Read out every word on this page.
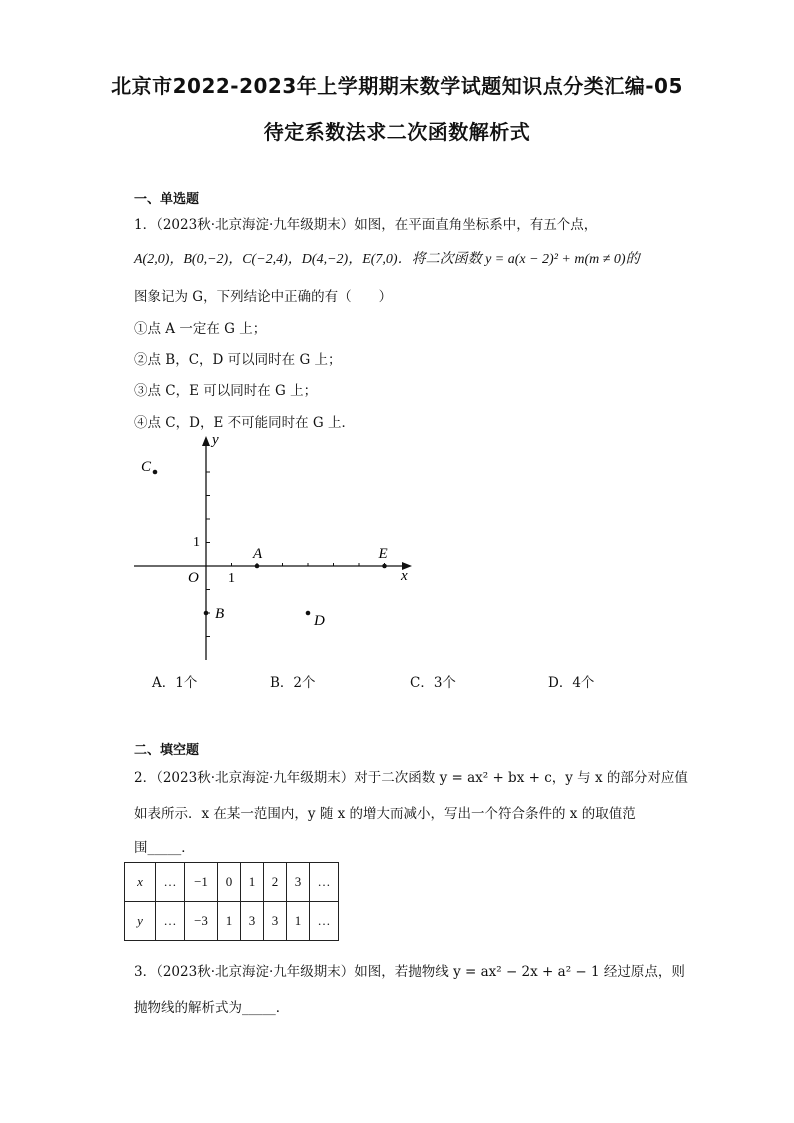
北京市2022-2023年上学期期末数学试题知识点分类汇编-05
待定系数法求二次函数解析式
一、单选题
1．（2023秋·北京海淀·九年级期末）如图，在平面直角坐标系中，有五个点，
A(2,0)，B(0,−2)，C(−2,4)，D(4,−2)，E(7,0)．将二次函数 y = a(x − 2)² + m(m ≠ 0)的
图象记为 G，下列结论中正确的有（　　）
①点 A 一定在 G 上；
②点 B，C，D 可以同时在 G 上；
③点 C，E 可以同时在 G 上；
④点 C，D，E 不可能同时在 G 上．
x
y
O 1
1
A
B
C
D
E
A．1个	B．2个	C．3个	D．4个
二、填空题
2．（2023秋·北京海淀·九年级期末）对于二次函数 y = ax² + bx + c，y 与 x 的部分对应值
如表所示．x 在某一范围内，y 随 x 的增大而减小，写出一个符合条件的 x 的取值范
围_____．
x	…	−1	0	1	2	3	…
y	…	−3	1	3	3	1	…
3．（2023秋·北京海淀·九年级期末）如图，若抛物线 y = ax² − 2x + a² − 1 经过原点，则
抛物线的解析式为_____．
